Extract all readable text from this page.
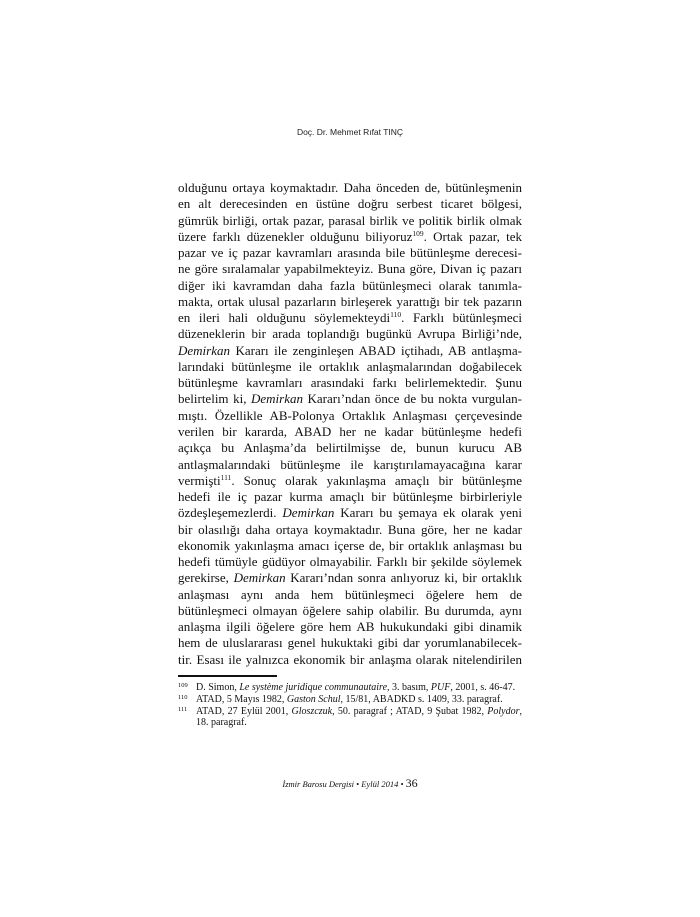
Doç. Dr. Mehmet Rıfat TINÇ
olduğunu ortaya koymaktadır. Daha önceden de, bütünleşmenin
en alt derecesinden en üstüne doğru serbest ticaret bölgesi,
gümrük birliği, ortak pazar, parasal birlik ve politik birlik olmak
üzere farklı düzenekler olduğunu biliyoruz$^{109}$. Ortak pazar, tek
pazar ve iç pazar kavramları arasında bile bütünleşme derecesi-
ne göre sıralamalar yapabilmekteyiz. Buna göre, Divan iç pazarı
diğer iki kavramdan daha fazla bütünleşmeci olarak tanımla-
makta, ortak ulusal pazarların birleşerek yarattığı bir tek pazarın
en ileri hali olduğunu söylemekteydi$^{110}$. Farklı bütünleşmeci
düzeneklerin bir arada toplandığı bugünkü Avrupa Birliği’nde,
Demirkan Kararı ile zenginleşen ABAD içtihadı, AB antlaşma-
larındaki bütünleşme ile ortaklık anlaşmalarından doğabilecek
bütünleşme kavramları arasındaki farkı belirlemektedir. Şunu
belirtelim ki, Demirkan Kararı’ndan önce de bu nokta vurgulan-
mıştı. Özellikle AB-Polonya Ortaklık Anlaşması çerçevesinde
verilen bir kararda, ABAD her ne kadar bütünleşme hedefi
açıkça bu Anlaşma’da belirtilmişse de, bunun kurucu AB
antlaşmalarındaki bütünleşme ile karıştırılamayacağına karar
vermişti$^{111}$. Sonuç olarak yakınlaşma amaçlı bir bütünleşme
hedefi ile iç pazar kurma amaçlı bir bütünleşme birbirleriyle
özdeşleşemezlerdi. Demirkan Kararı bu şemaya ek olarak yeni
bir olasılığı daha ortaya koymaktadır. Buna göre, her ne kadar
ekonomik yakınlaşma amacı içerse de, bir ortaklık anlaşması bu
hedefi tümüyle güdüyor olmayabilir. Farklı bir şekilde söylemek
gerekirse, Demirkan Kararı’ndan sonra anlıyoruz ki, bir ortaklık
anlaşması aynı anda hem bütünleşmeci öğelere hem de
bütünleşmeci olmayan öğelere sahip olabilir. Bu durumda, aynı
anlaşma ilgili öğelere göre hem AB hukukundaki gibi dinamik
hem de uluslararası genel hukuktaki gibi dar yorumlanabilecek-
tir. Esası ile yalnızca ekonomik bir anlaşma olarak nitelendirilen
109 D. Simon, Le système juridique communautaire, 3. basım, PUF, 2001, s. 46-47.
110 ATAD, 5 Mayıs 1982, Gaston Schul, 15/81, ABADKD s. 1409, 33. paragraf.
111 ATAD, 27 Eylül 2001, Gloszczuk, 50. paragraf ; ATAD, 9 Şubat 1982, Polydor, 18. paragraf.
İzmir Barosu Dergisi • Eylül 2014 • 36
